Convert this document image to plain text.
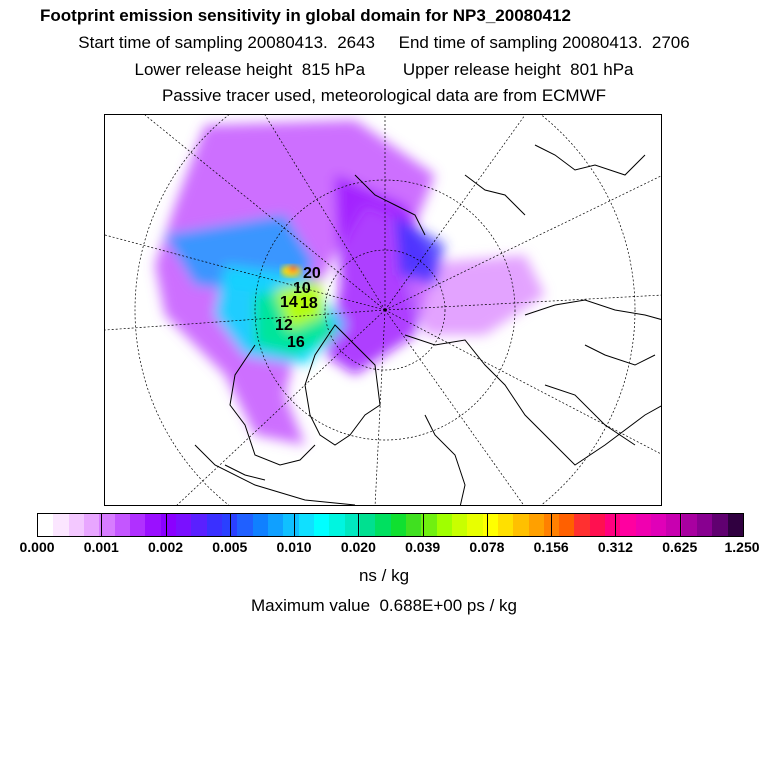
Footprint emission sensitivity in global domain for NP3_20080412
Start time of sampling 20080413.  2643     End time of sampling 20080413.  2706
Lower release height  815 hPa        Upper release height  801 hPa
Passive tracer used, meteorological data are from ECMWF
16
14
12
10
18
20
0.000 0.001 0.002 0.005 0.010 0.020 0.039 0.078 0.156 0.312 0.625 1.250
ns / kg
Maximum value  0.688E+00 ps / kg
